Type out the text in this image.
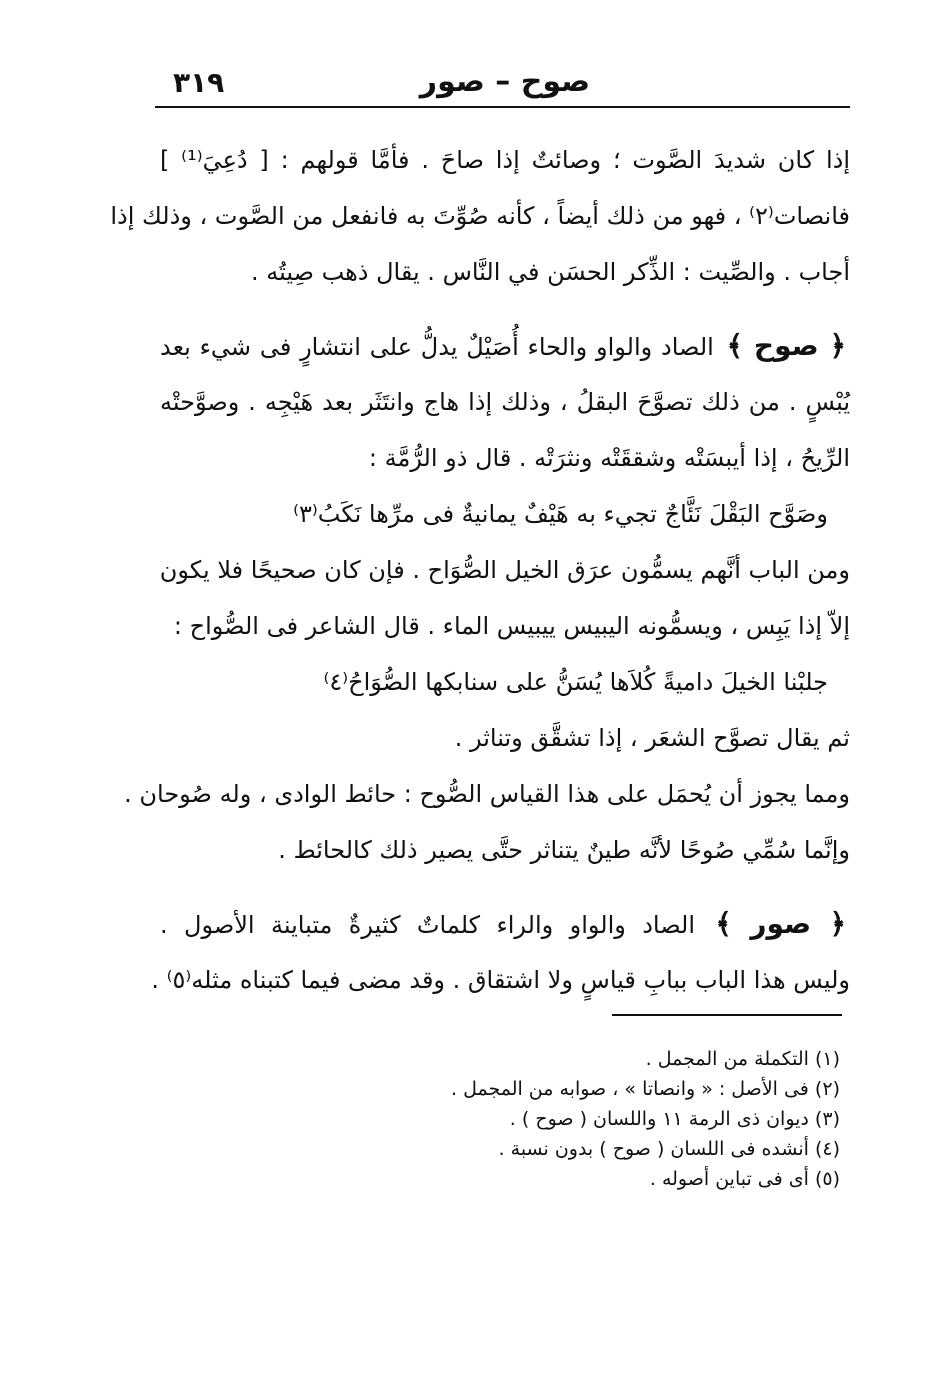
٣١٩	صوح – صور
إذا كان شديدَ الصَّوت ؛ وصائتٌ إذا صاحَ . فأمَّا قولهم : [ دُعِيَ⁽¹⁾ ]
فانصات⁽٢⁾ ، فهو من ذلك أيضاً ، كأنه صُوِّتَ به فانفعل من الصَّوت ، وذلك إذا
أجاب . والصِّيت : الذِّكر الحسَن في النَّاس . يقال ذهب صِيتُه .
﴿ صوح ﴾ الصاد والواو والحاء أُصَيْلٌ يدلُّ على انتشارٍ فى شيء بعد
يُبْسٍ . من ذلك تصوَّحَ البقلُ ، وذلك إذا هاج وانتَثَر بعد هَيْجِه . وصوَّحتْه
الرِّيحُ ، إذا أيبسَتْه وشققَتْه ونثرَتْه . قال ذو الرُّمَّة :
وصَوَّح البَقْلَ نَئَّاجٌ تجيء به هَيْفٌ يمانيةٌ فى مرِّها نَكَبُ⁽٣⁾
ومن الباب أنَّهم يسمُّون عرَق الخيل الصُّوَاح . فإن كان صحيحًا فلا يكون
إلاّ إذا يَبِس ، ويسمُّونه اليبيس ييبيس الماء . قال الشاعر فى الصُّواح :
جلبْنا الخيلَ داميةً كُلاَها يُسَنُّ على سنابكها الصُّوَاحُ⁽٤⁾
ثم يقال تصوَّح الشعَر ، إذا تشقَّق وتناثر .
ومما يجوز أن يُحمَل على هذا القياس الصُّوح : حائط الوادى ، وله صُوحان .
وإنَّما سُمِّي صُوحًا لأنَّه طينٌ يتناثر حتَّى يصير ذلك كالحائط .
﴿ صور ﴾ الصاد والواو والراء كلماتٌ كثيرةٌ متباينة الأصول .
وليس هذا الباب ببابِ قياسٍ ولا اشتقاق . وقد مضى فيما كتبناه مثله⁽٥⁾ .
(١) التكملة من المجمل .
(٢) فى الأصل : « وانصاتا » ، صوابه من المجمل .
(٣) ديوان ذى الرمة ١١ واللسان ( صوح ) .
(٤) أنشده فى اللسان ( صوح ) بدون نسبة .
(٥) أى فى تباين أصوله .
